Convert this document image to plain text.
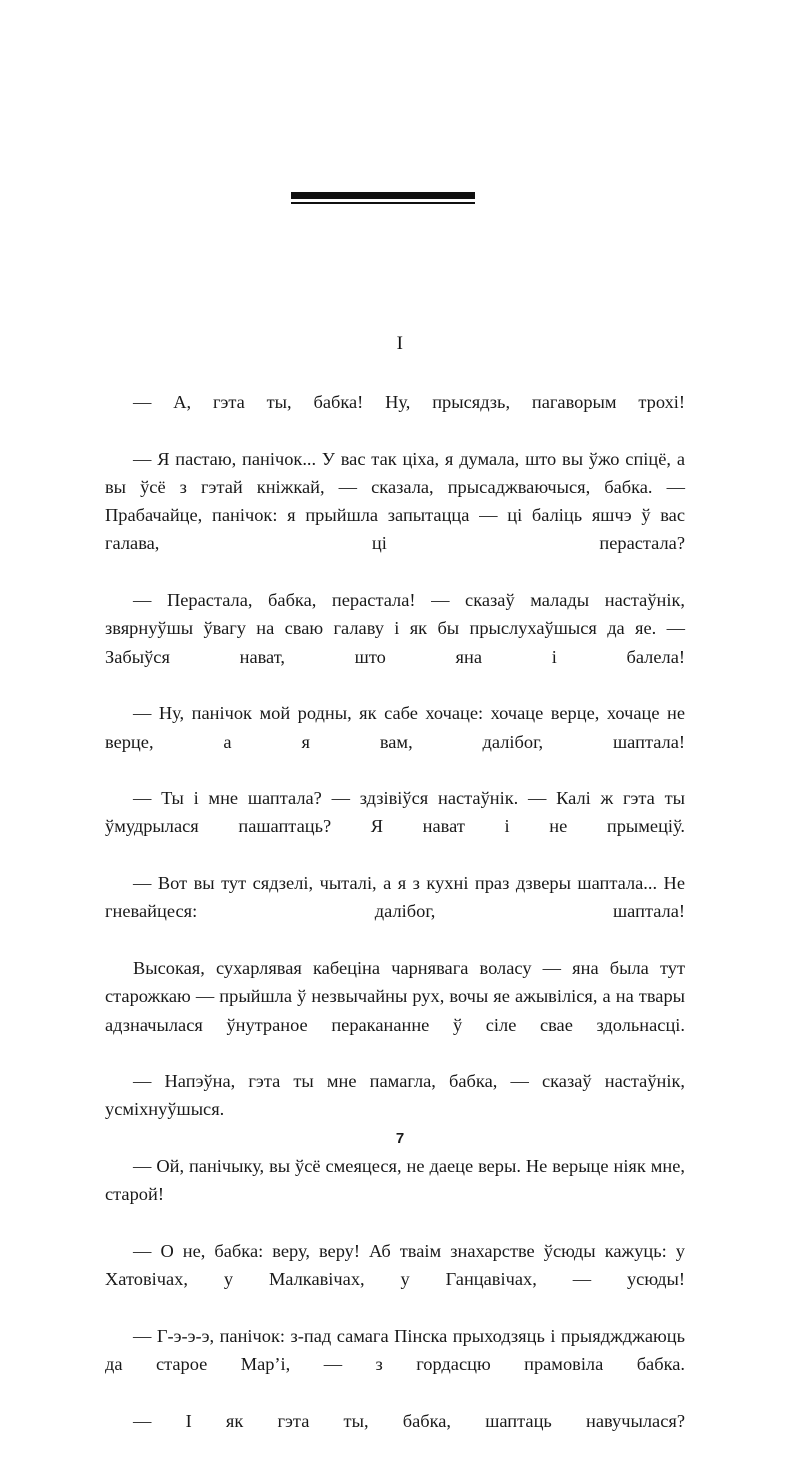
I

— А, гэта ты, бабка! Ну, прысядзь, пагаворым трохі!

— Я пастаю, панічок... У вас так ціха, я думала, што вы ўжо спіцё, а вы ўсё з гэтай кніжкай, — сказала, прысаджваючыся, бабка. — Прабачайце, панічок: я прыйшла запытацца — ці баліць яшчэ ў вас галава, ці перастала?

— Перастала, бабка, перастала! — сказаў малады настаўнік, звярнуўшы ўвагу на сваю галаву і як бы прыслухаўшыся да яе. — Забыўся нават, што яна і балела!

— Ну, панічок мой родны, як сабе хочаце: хочаце верце, хочаце не верце, а я вам, далібог, шаптала!

— Ты і мне шаптала? — здзівіўся настаўнік. — Калі ж гэта ты ўмудрылася пашаптаць? Я нават і не прымеціў.

— Вот вы тут сядзелі, чыталі, а я з кухні праз дзверы шаптала... Не гневайцеся: далібог, шаптала!

Высокая, сухарлявая кабеціна чарнявага воласу — яна была тут старожкаю — прыйшла ў незвычайны рух, вочы яе ажывіліся, а на твары адзначылася ўнутраное перакананне ў сіле свае здольнасці.

— Напэўна, гэта ты мне памагла, бабка, — сказаў настаўнік, усміхнуўшыся.

— Ой, панічыку, вы ўсё смеяцеся, не даеце веры. Не верыце ніяк мне, старой!

— О не, бабка: веру, веру! Аб тваім знахарстве ўсюды кажуць: у Хатовічах, у Малкавічах, у Ганцавічах, — усюды!

— Г-э-э-э, панічок: з-пад самага Пінска прыходзяць і прыяджджаюць да старое Мар’і, — з гордасцю прамовіла бабка.

— І як гэта ты, бабка, шаптаць навучылася?

7
